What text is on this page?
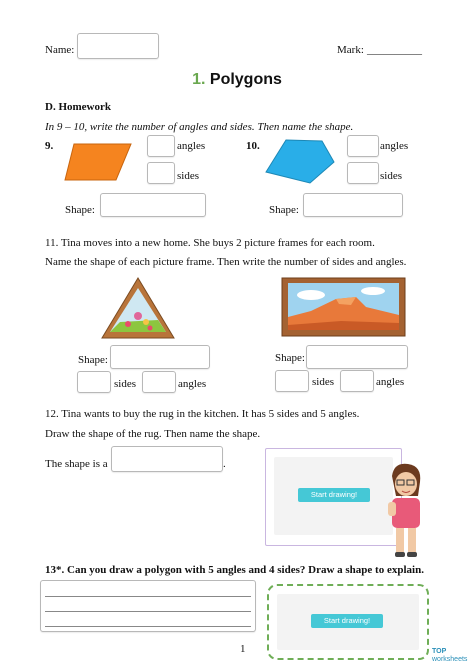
Name:	Mark: __________
1. Polygons
D. Homework
In 9 – 10, write the number of angles and sides. Then name the shape.
9.	angles
sides
Shape:
10.	angles
sides
Shape:
11. Tina moves into a new home. She buys 2 picture frames for each room.
Name the shape of each picture frame. Then write the number of sides and angles.
Shape:
sides	angles
Shape:
sides	angles
12. Tina wants to buy the rug in the kitchen. It has 5 sides and 5 angles.
Draw the shape of the rug. Then name the shape.
The shape is a	.
Start drawing!
13*. Can you draw a polygon with 5 angles and 4 sides? Draw a shape to explain.
Start drawing!
1	TOP
worksheets
